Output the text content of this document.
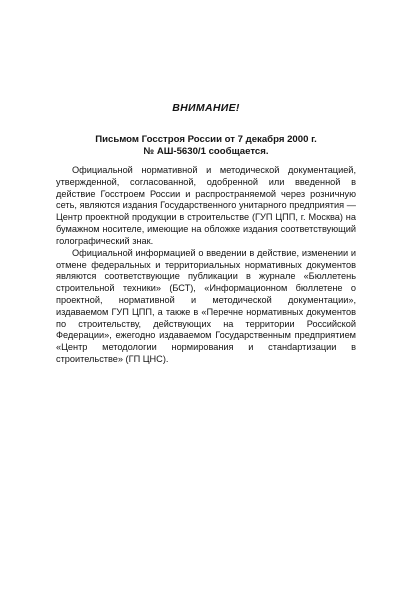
ВНИМАНИЕ!
Письмом Госстроя России от 7 декабря 2000 г.
№ АШ-5630/1 сообщается.

Официальной нормативной и методической документацией, утвержденной, согласованной, одобренной или введенной в действие Госстроем России и распространяемой через розничную сеть, являются издания Государственного унитарного предприятия — Центр проектной продукции в строительстве (ГУП ЦПП, г. Москва) на бумажном носителе, имеющие на обложке издания соответствующий голографический знак.

Официальной информацией о введении в действие, изменении и отмене федеральных и территориальных нормативных документов являются соответствующие публикации в журнале «Бюллетень строительной техники» (БСТ), «Информационном бюллетене о проектной, нормативной и методической документации», издаваемом ГУП ЦПП, а также в «Перечне нормативных документов по строительству, действующих на территории Российской Федерации», ежегодно издаваемом Государственным предприятием «Центр методологии нормирования и станdартизации в строительстве» (ГП ЦНС).
